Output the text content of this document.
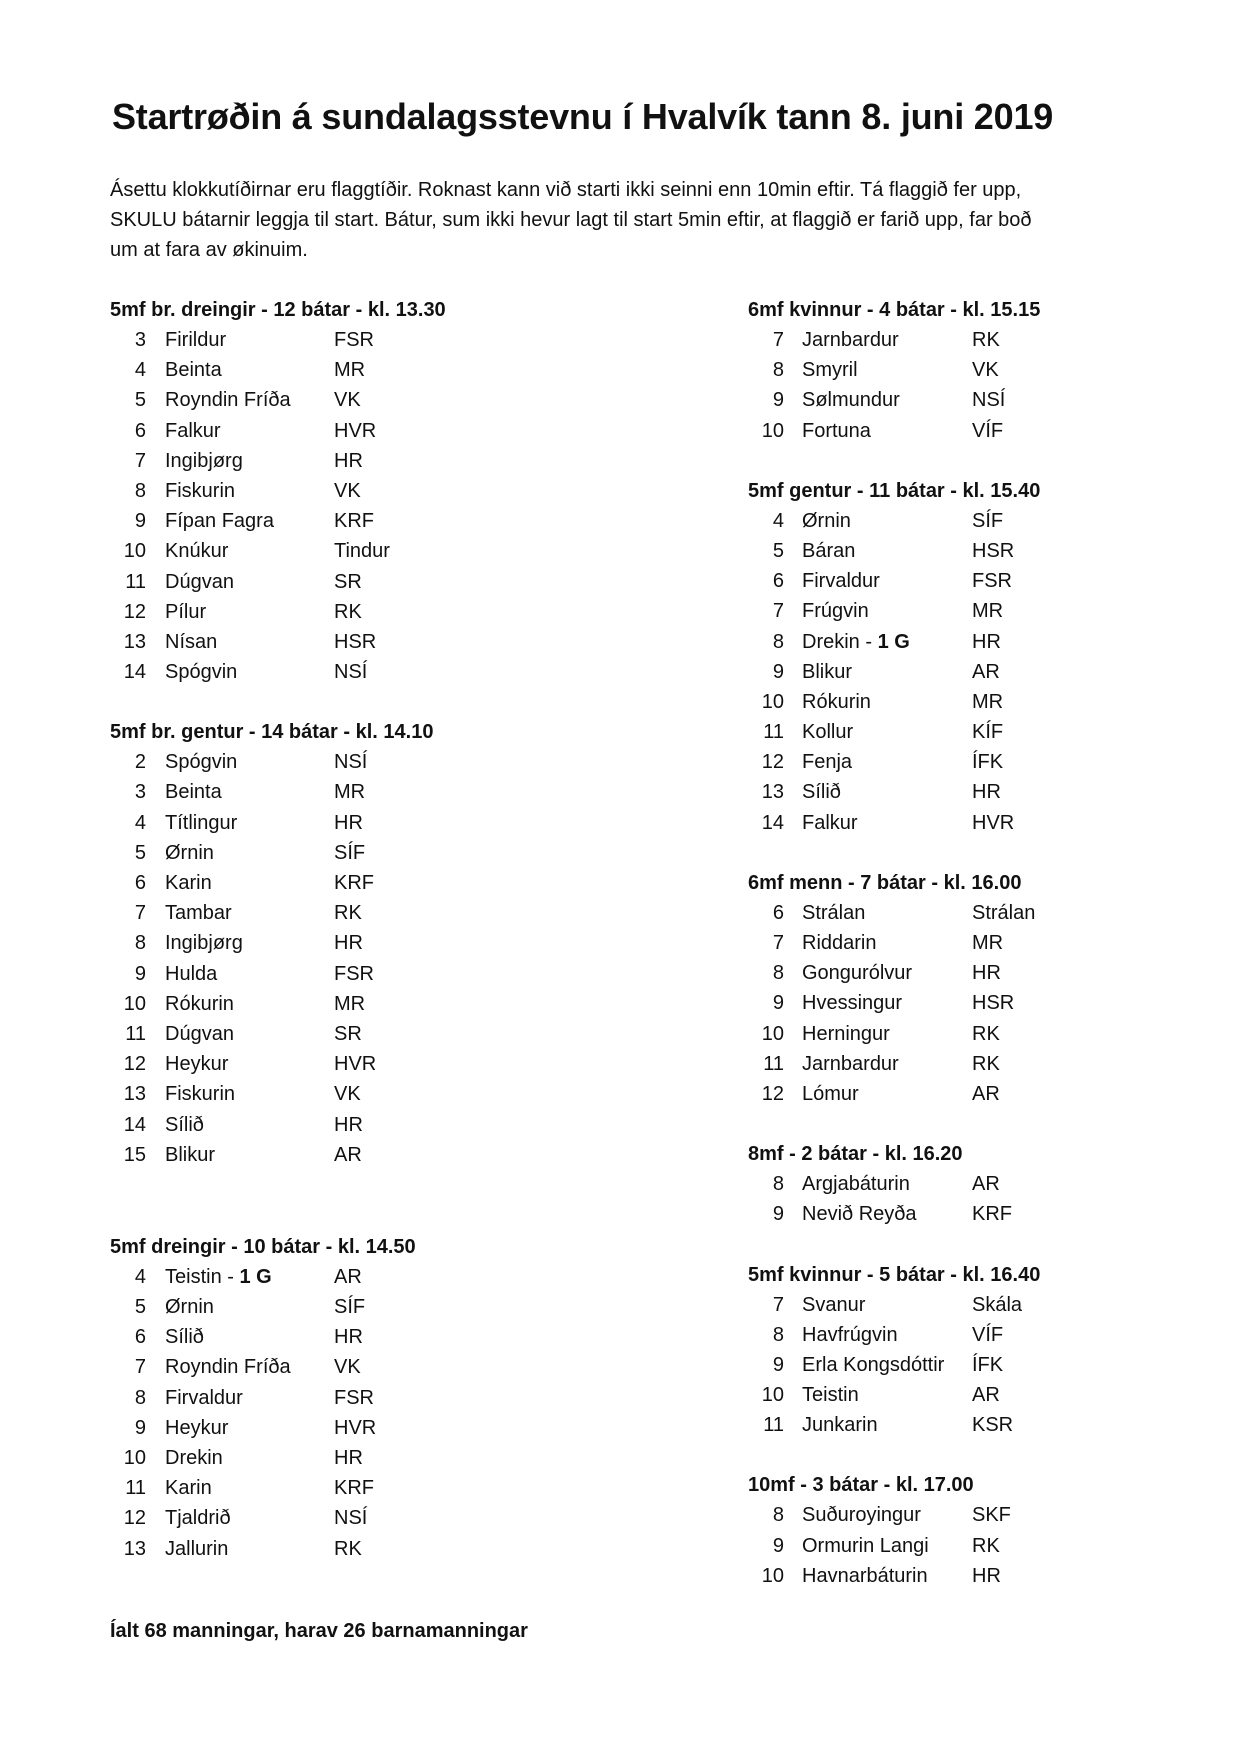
Startrøðin á sundalagsstevnu í Hvalvík tann 8. juni 2019

Ásettu klokkutíðirnar eru flaggtíðir. Roknast kann við starti ikki seinni enn 10min eftir. Tá flaggið fer upp, SKULU bátarnir leggja til start. Bátur, sum ikki hevur lagt til start 5min eftir, at flaggið er farið upp, far boð um at fara av økinuim.

5mf br. dreingir - 12 bátar - kl. 13.30
3 Firildur	FSR
4 Beinta	MR
5 Royndin Fríða VK
6 Falkur	HVR
7 Ingibjørg	HR
8 Fiskurin	VK
9 Fípan Fagra	KRF
10 Knúkur	Tindur
11 Dúgvan	SR
12 Pílur	RK
13 Nísan	HSR
14 Spógvin	NSÍ
5mf br. gentur - 14 bátar - kl. 14.10
2 Spógvin	NSÍ
3 Beinta	MR
4 Títlingur	HR
5 Ørnin	SÍF
6 Karin	KRF
7 Tambar	RK
8 Ingibjørg	HR
9 Hulda	FSR
10 Rókurin	MR
11 Dúgvan	SR
12 Heykur	HVR
13 Fiskurin	VK
14 Sílið	HR
15 Blikur	AR
5mf dreingir - 10 bátar - kl. 14.50
4 Teistin - 1 G	AR
5 Ørnin	SÍF
6 Sílið	HR
7 Royndin Fríða VK
8 Firvaldur	FSR
9 Heykur	HVR
10 Drekin	HR
11 Karin	KRF
12 Tjaldrið	NSÍ
13 Jallurin	RK
6mf kvinnur - 4 bátar - kl. 15.15
7 Jarnbardur	RK
8 Smyril	VK
9 Sølmundur	NSÍ
10 Fortuna	VÍF
5mf gentur - 11 bátar - kl. 15.40
4 Ørnin	SÍF
5 Báran	HSR
6 Firvaldur	FSR
7 Frúgvin	MR
8 Drekin - 1 G	HR
9 Blikur	AR
10 Rókurin	MR
11 Kollur	KÍF
12 Fenja	ÍFK
13 Sílið	HR
14 Falkur	HVR
6mf menn - 7 bátar - kl. 16.00
6 Strálan	Strálan
7 Riddarin	MR
8 Gongurólvur	HR
9 Hvessingur	HSR
10 Herningur	RK
11 Jarnbardur	RK
12 Lómur	AR
8mf - 2 bátar - kl. 16.20
8 Argjabáturin	AR
9 Nevið Reyða	KRF
5mf kvinnur - 5 bátar - kl. 16.40
7 Svanur	Skála
8 Havfrúgvin	VÍF
9 Erla Kongsdóttir ÍFK
10 Teistin	AR
11 Junkarin	KSR
10mf - 3 bátar - kl. 17.00
8 Suðuroyingur	SKF
9 Ormurin Langi RK
10 Havnarbáturin HR
Íalt 68 manningar, harav 26 barnamanningar
